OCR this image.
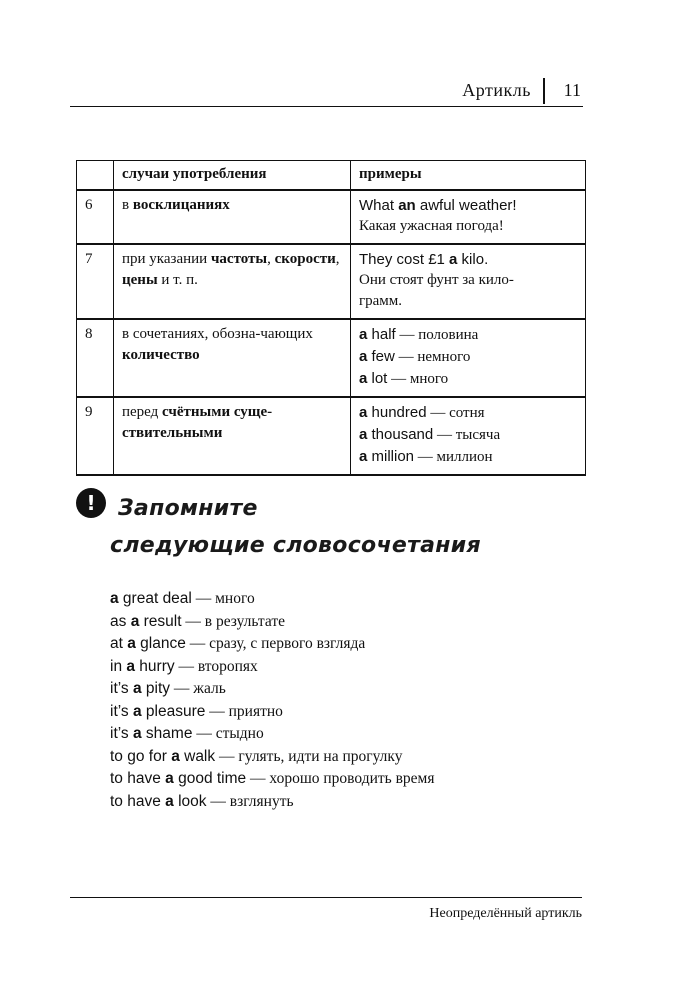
Артикль 11
	случаи употребления	примеры
6	в восклицаниях	What an awful weather!
Какая ужасная погода!

7	при указании частоты, скорости, цены и т. п.	They cost £1 a kilo.
Они стоят фунт за кило-
грамм.

8	в сочетаниях, обозна-чающих количество	a half — половина
a few — немного
a lot — много

9	перед счётными суще-ствительными	a hundred — сотня
a thousand — тысяча
a million — миллион
!	Запомните
следующие словосочетания
a great deal — много
as a result — в результате
at a glance — сразу, с первого взгляда
in a hurry — второпях
it’s a pity — жаль
it’s a pleasure — приятно
it’s a shame — стыдно
to go for a walk — гулять, идти на прогулку
to have a good time — хорошо проводить время
to have a look — взглянуть
Неопределённый артикль
